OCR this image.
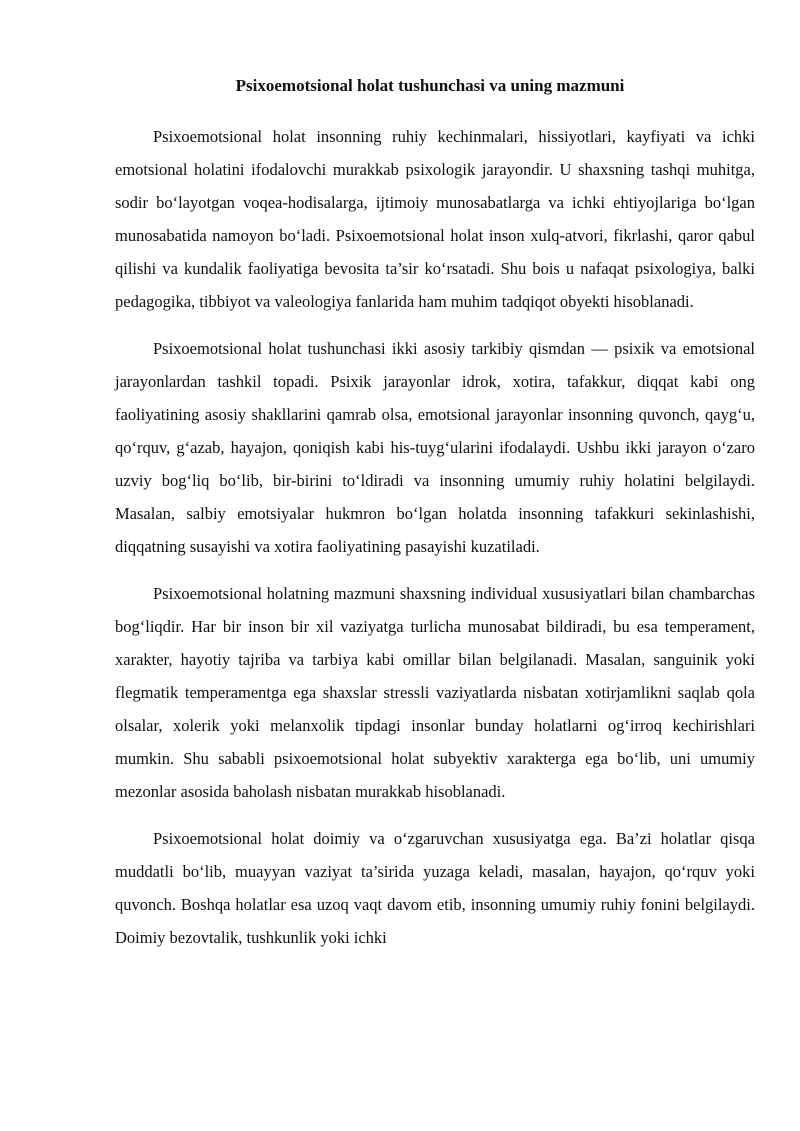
Psixoemotsional holat tushunchasi va uning mazmuni

Psixoemotsional holat insonning ruhiy kechinmalari, hissiyotlari, kayfiyati va ichki emotsional holatini ifodalovchi murakkab psixologik jarayondir. U shaxsning tashqi muhitga, sodir bo‘layotgan voqea-hodisalarga, ijtimoiy munosabatlarga va ichki ehtiyojlariga bo‘lgan munosabatida namoyon bo‘ladi. Psixoemotsional holat inson xulq-atvori, fikrlashi, qaror qabul qilishi va kundalik faoliyatiga bevosita ta’sir ko‘rsatadi. Shu bois u nafaqat psixologiya, balki pedagogika, tibbiyot va valeologiya fanlarida ham muhim tadqiqot obyekti hisoblanadi.

Psixoemotsional holat tushunchasi ikki asosiy tarkibiy qismdan — psixik va emotsional jarayonlardan tashkil topadi. Psixik jarayonlar idrok, xotira, tafakkur, diqqat kabi ong faoliyatining asosiy shakllarini qamrab olsa, emotsional jarayonlar insonning quvonch, qayg‘u, qo‘rquv, g‘azab, hayajon, qoniqish kabi his-tuyg‘ularini ifodalaydi. Ushbu ikki jarayon o‘zaro uzviy bog‘liq bo‘lib, bir-birini to‘ldiradi va insonning umumiy ruhiy holatini belgilaydi. Masalan, salbiy emotsiyalar hukmron bo‘lgan holatda insonning tafakkuri sekinlashishi, diqqatning susayishi va xotira faoliyatining pasayishi kuzatiladi.

Psixoemotsional holatning mazmuni shaxsning individual xususiyatlari bilan chambarchas bog‘liqdir. Har bir inson bir xil vaziyatga turlicha munosabat bildiradi, bu esa temperament, xarakter, hayotiy tajriba va tarbiya kabi omillar bilan belgilanadi. Masalan, sanguinik yoki flegmatik temperamentga ega shaxslar stressli vaziyatlarda nisbatan xotirjamlikni saqlab qola olsalar, xolerik yoki melanxolik tipdagi insonlar bunday holatlarni og‘irroq kechirishlari mumkin. Shu sababli psixoemotsional holat subyektiv xarakterga ega bo‘lib, uni umumiy mezonlar asosida baholash nisbatan murakkab hisoblanadi.

Psixoemotsional holat doimiy va o‘zgaruvchan xususiyatga ega. Ba’zi holatlar qisqa muddatli bo‘lib, muayyan vaziyat ta’sirida yuzaga keladi, masalan, hayajon, qo‘rquv yoki quvonch. Boshqa holatlar esa uzoq vaqt davom etib, insonning umumiy ruhiy fonini belgilaydi. Doimiy bezovtalik, tushkunlik yoki ichki
